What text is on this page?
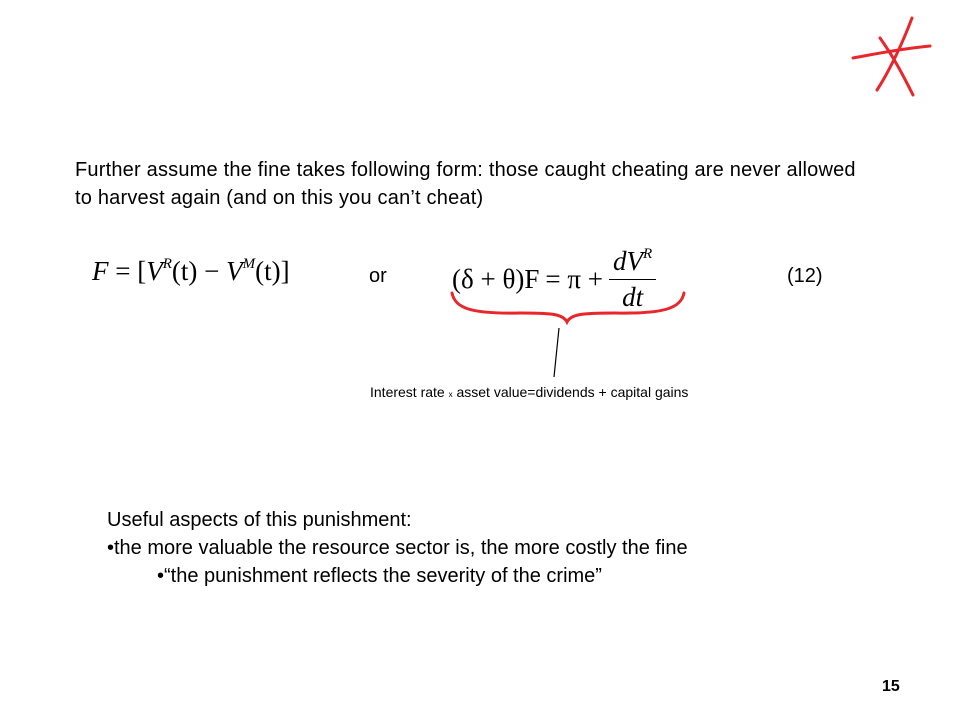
Further assume the fine takes following form: those caught cheating are never allowed to harvest again (and on this you can’t cheat)
$F = [V^R(t) - V^M(t)]$	or $(\delta + \theta)F = \pi + \frac{dV^R}{dt}$	(12)
Interest rate x asset value=dividends + capital gains
Useful aspects of this punishment:
•the more valuable the resource sector is, the more costly the fine
•“the punishment reflects the severity of the crime”
15
